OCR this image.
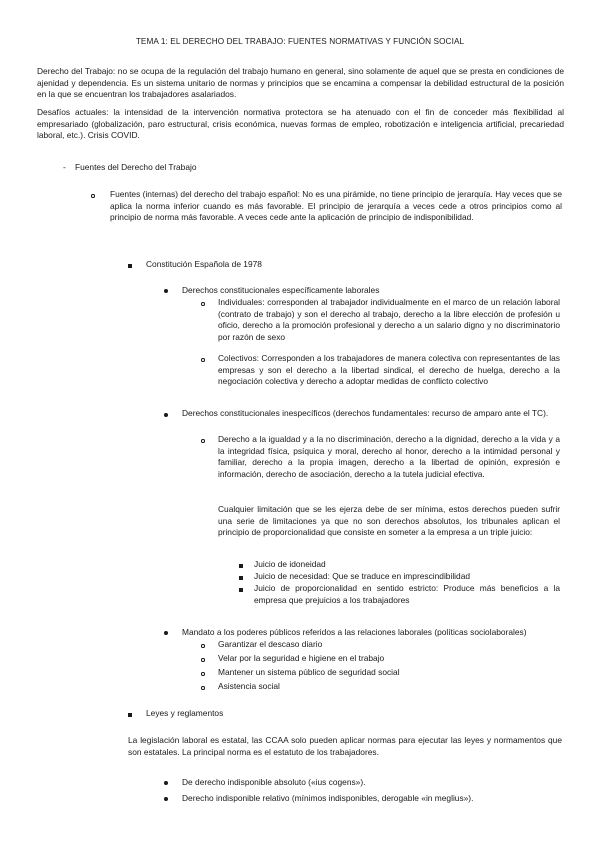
TEMA 1: EL DERECHO DEL TRABAJO: FUENTES NORMATIVAS Y FUNCIÓN SOCIAL
Derecho del Trabajo: no se ocupa de la regulación del trabajo humano en general, sino solamente de aquel que se presta en condiciones de ajenidad y dependencia. Es un sistema unitario de normas y principios que se encamina a compensar la debilidad estructural de la posición en la que se encuentran los trabajadores asalariados.
Desafíos actuales: la intensidad de la intervención normativa protectora se ha atenuado con el fin de conceder más flexibilidad al empresariado (globalización, paro estructural, crisis económica, nuevas formas de empleo, robotización e inteligencia artificial, precariedad laboral, etc.). Crisis COVID.
- Fuentes del Derecho del Trabajo
Fuentes (internas) del derecho del trabajo español: No es una pirámide, no tiene principio de jerarquía. Hay veces que se aplica la norma inferior cuando es más favorable. El principio de jerarquía a veces cede a otros principios como al principio de norma más favorable. A veces cede ante la aplicación de principio de indisponibilidad.
Constitución Española de 1978
Derechos constitucionales específicamente laborales
Individuales: corresponden al trabajador individualmente en el marco de un relación laboral (contrato de trabajo) y son el derecho al trabajo, derecho a la libre elección de profesión u oficio, derecho a la promoción profesional y derecho a un salario digno y no discriminatorio por razón de sexo
Colectivos: Corresponden a los trabajadores de manera colectiva con representantes de las empresas y son el derecho a la libertad sindical, el derecho de huelga, derecho a la negociación colectiva y derecho a adoptar medidas de conflicto colectivo
Derechos constitucionales inespecíficos (derechos fundamentales: recurso de amparo ante el TC).
Derecho a la igualdad y a la no discriminación, derecho a la dignidad, derecho a la vida y a la integridad física, psíquica y moral, derecho al honor, derecho a la intimidad personal y familiar, derecho a la propia imagen, derecho a la libertad de opinión, expresión e información, derecho de asociación, derecho a la tutela judicial efectiva.
Cualquier limitación que se les ejerza debe de ser mínima, estos derechos pueden sufrir una serie de limitaciones ya que no son derechos absolutos, los tribunales aplican el principio de proporcionalidad que consiste en someter a la empresa a un triple juicio:
Juicio de idoneidad
Juicio de necesidad: Que se traduce en imprescindibilidad
Juicio de proporcionalidad en sentido estricto: Produce más beneficios a la empresa que prejuicios a los trabajadores
Mandato a los poderes públicos referidos a las relaciones laborales (políticas sociolaborales)
Garantizar el descaso diario
Velar por la seguridad e higiene en el trabajo
Mantener un sistema público de seguridad social
Asistencia social
Leyes y reglamentos
La legislación laboral es estatal, las CCAA solo pueden aplicar normas para ejecutar las leyes y normamentos que son estatales. La principal norma es el estatuto de los trabajadores.
De derecho indisponible absoluto («ius cogens»).
Derecho indisponible relativo (mínimos indisponibles, derogable «in meglius»).
